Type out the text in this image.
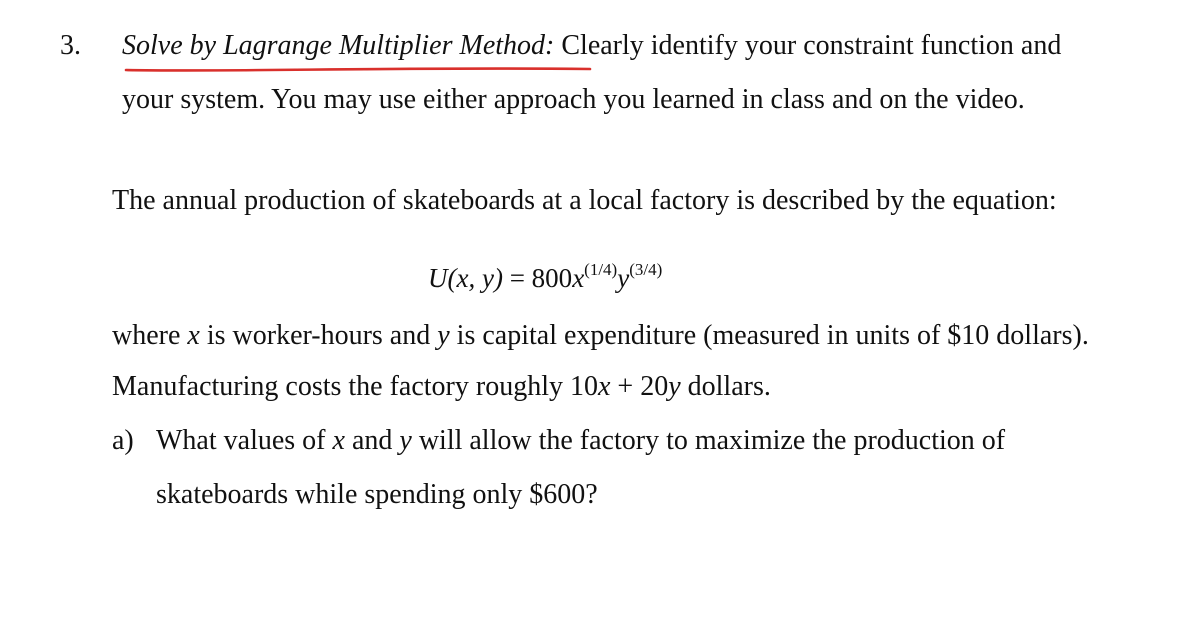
3. Solve by Lagrange Multiplier Method: Clearly identify your constraint function and
your system. You may use either approach you learned in class and on the video.
The annual production of skateboards at a local factory is described by the equation:
U(x, $y) = 800x^{(1/4)}y^{(3/4)}$
where x is worker-hours and y is capital expenditure (measured in units of $10 dollars).
Manufacturing costs the factory roughly 10x + 20y dollars.
a) What values of x and y will allow the factory to maximize the production of
skateboards while spending only $600?
